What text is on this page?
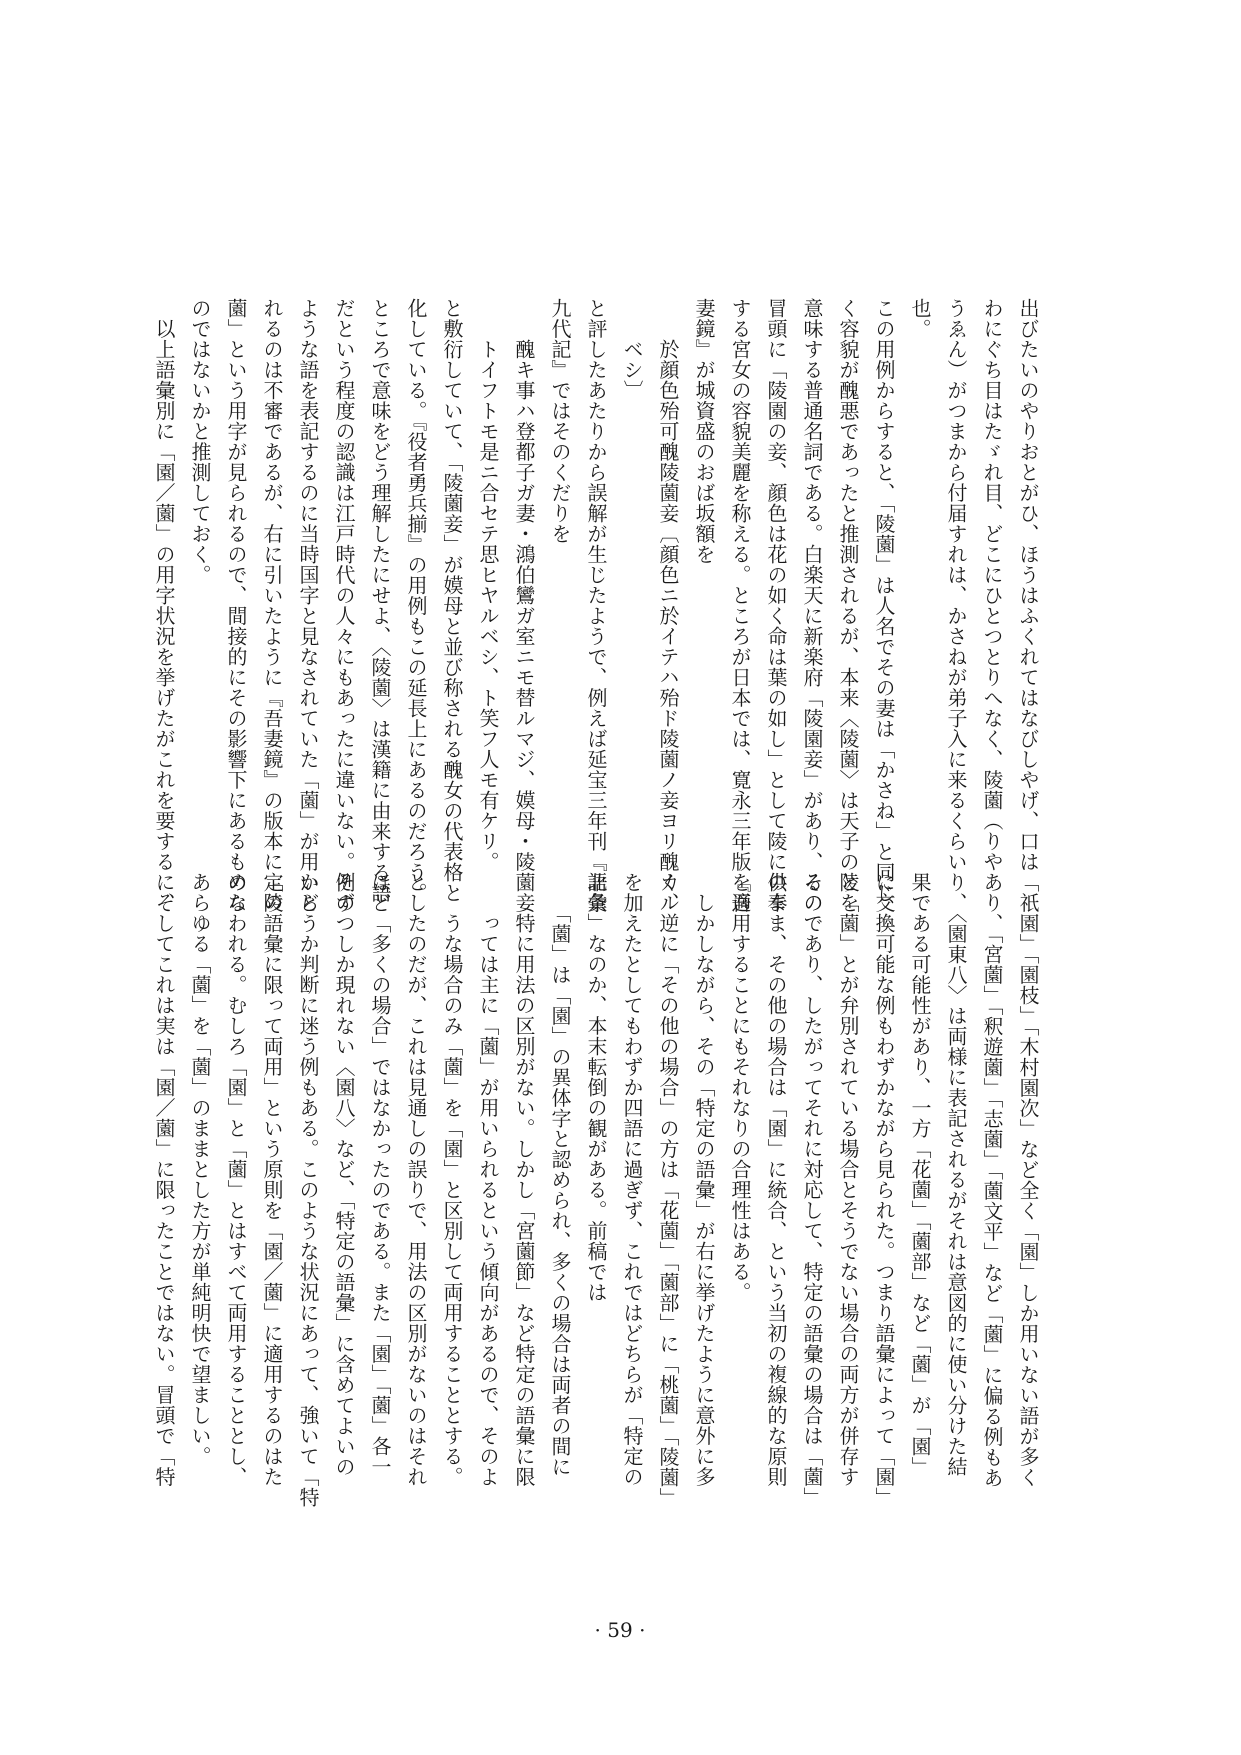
出びたいのやりおとがひ、ほうはふくれてはなびしやげ、口は
わにぐち目はたゞれ目、どこにひとつとりへなく、陵薗（りや
うゑん）がつまから付届すれは、かさねが弟子入に来るくらい
也。
この用例からすると、「陵薗」は人名でその妻は「かさね」と同じ
く容貌が醜悪であったと推測されるが、本来〈陵薗〉は天子の陵を
意味する普通名詞である。白楽天に新楽府「陵園妾」があり、その
冒頭に「陵園の妾、顔色は花の如く命は葉の如し」として陵に供奉
する宮女の容貌美麗を称える。ところが日本では、寛永三年版『吾
妻鏡』が城資盛のおば坂額を
　　於顔色殆可醜陵薗妾〔顔色ニ於イテハ殆ド陵薗ノ妾ヨリ醜カル
　　ベシ〕
と評したあたりから誤解が生じたようで、例えば延宝三年刊『北条
九代記』ではそのくだりを
　　醜キ事ハ登都子ガ妻・鴻伯鸞ガ室ニモ替ルマジ、嫫母・陵薗妾
　　トイフトモ是ニ合セテ思ヒヤルベシ、ト笑フ人モ有ケリ。
と敷衍していて、「陵薗妾」が嫫母と並び称される醜女の代表格と
化している。『役者勇兵揃』の用例もこの延長上にあるのだろう。
ところで意味をどう理解したにせよ、〈陵薗〉は漢籍に由来する語
だという程度の認識は江戸時代の人々にもあったに違いない。その
ような語を表記するのに当時国字と見なされていた「薗」が用いら
れるのは不審であるが、右に引いたように『吾妻鏡』の版本に「陵
薗」という用字が見られるので、間接的にその影響下にあるものな
のではないかと推測しておく。
　以上語彙別に「園／薗」の用字状況を挙げたがこれを要するに、
「祇園」「園枝」「木村園次」など全く「園」しか用いない語が多く
あり、「宮薗」「釈遊薗」「志薗」「薗文平」など「薗」に偏る例もあ
り、〈園東八〉は両様に表記されるがそれは意図的に使い分けた結
果である可能性があり、一方「花薗」「薗部」など「薗」が「園」
に交換可能な例もわずかながら見られた。つまり語彙によって「園」
と「薗」とが弁別されている場合とそうでない場合の両方が併存す
るのであり、したがってそれに対応して、特定の語彙の場合は「薗」
のまま、その他の場合は「園」に統合、という当初の複線的な原則
を適用することにもそれなりの合理性はある。
　しかしながら、その「特定の語彙」が右に挙げたように意外に多
く、逆に「その他の場合」の方は「花薗」「薗部」に「桃薗」「陵薗」
を加えたとしてもわずか四語に過ぎず、これではどちらが「特定の
語彙」なのか、本末転倒の観がある。前稿では
　　「薗」は「園」の異体字と認められ、多くの場合は両者の間に
　　特に用法の区別がない。しかし「宮薗節」など特定の語彙に限
　　っては主に「薗」が用いられるという傾向があるので、そのよ
　　うな場合のみ「薗」を「園」と区別して両用することとする。
としたのだが、これは見通しの誤りで、用法の区別がないのはそれ
ほど「多くの場合」ではなかったのである。また「園」「薗」各一
例ずつしか現れない〈園八〉など、「特定の語彙」に含めてよいの
かどうか判断に迷う例もある。このような状況にあって、強いて「特
定の語彙に限って両用」という原則を「園／薗」に適用するのはた
めらわれる。むしろ「園」と「薗」とはすべて両用することとし、
あらゆる「薗」を「薗」のままとした方が単純明快で望ましい。
　そしてこれは実は「園／薗」に限ったことではない。冒頭で「特
· 59 ·
